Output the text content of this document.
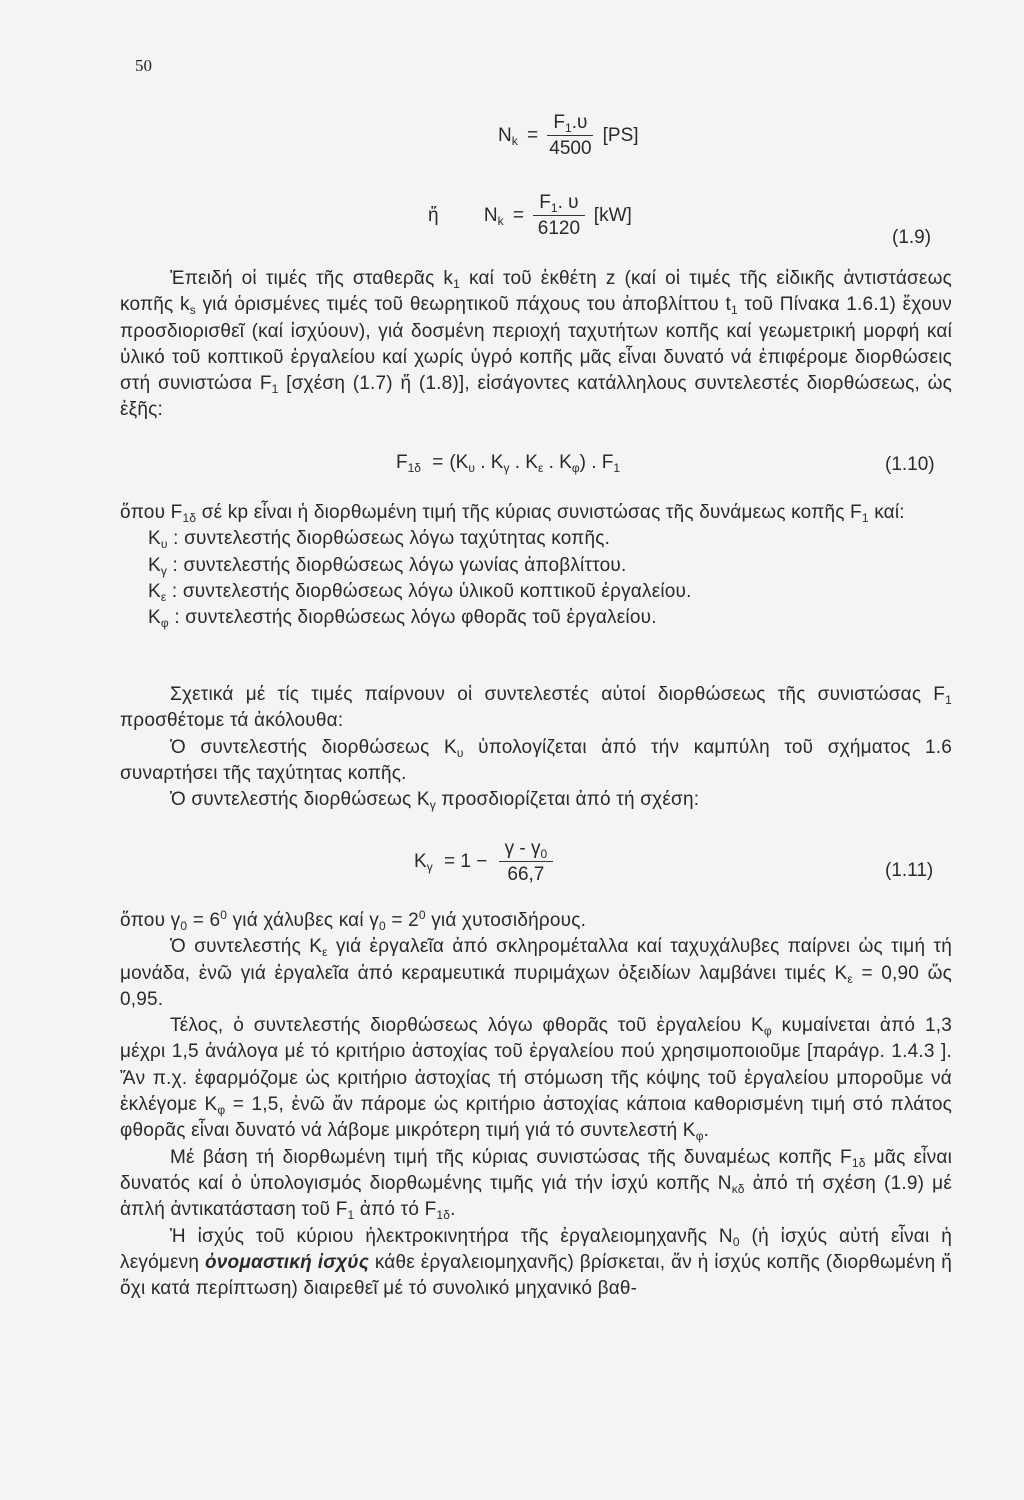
50
$N_k = \frac{F_1.\upsilon}{4500} [PS]$
ἤ $N_k = \frac{F_1. \upsilon}{6120} [kW]$
(1.9)

Ἐπειδή οἱ τιμές τῆς σταθερᾶς $k_1$ καί τοῦ ἐκθέτη z (καί οἱ τιμές τῆς εἰδικῆς ἀντιστάσεως κοπῆς $k_s$ γιά ὁρισμένες τιμές τοῦ θεωρητικοῦ πάχους του ἀποβλίττου $t_1$ τοῦ Πίνακα 1.6.1) ἔχουν προσδιορισθεῖ (καί ἰσχύουν), γιά δοσμένη περιοχή ταχυτήτων κοπῆς καί γεωμετρική μορφή καί ὑλικό τοῦ κοπτικοῦ ἐργαλείου καί χωρίς ὑγρό κοπῆς μᾶς εἶναι δυνατό νά ἐπιφέρομε διορθώσεις στή συνιστώσα $F_1$ [σχέση (1.7) ἤ (1.8)], εἰσάγοντες κατάλληλους συντελεστές διορθώσεως, ὡς ἑξῆς:

$F_{1\delta} = (K_\upsilon$ . $K_\gamma$ . $K_\varepsilon$ . $K_\varphi$) . $F_1$	(1.10)

ὅπου $F_{1\delta}$ σέ kp εἶναι ἡ διορθωμένη τιμή τῆς κύριας συνιστώσας τῆς δυνάμεως κοπῆς $F_1$ καί:

$K_\upsilon$ : συντελεστής διορθώσεως λόγω ταχύτητας κοπῆς.

$K_\gamma$ : συντελεστής διορθώσεως λόγω γωνίας ἀποβλίττου.

$K_\varepsilon$ : συντελεστής διορθώσεως λόγω ὑλικοῦ κοπτικοῦ ἐργαλείου.

$K_\varphi$ : συντελεστής διορθώσεως λόγω φθορᾶς τοῦ ἐργαλείου.

Σχετικά μέ τίς τιμές παίρνουν οἱ συντελεστές αὐτοί διορθώσεως τῆς συνιστώσας $F_1$ προσθέτομε τά ἀκόλουθα:

Ὁ συντελεστής διορθώσεως $K_\upsilon$ ὑπολογίζεται ἀπό τήν καμπύλη τοῦ σχήματος 1.6 συναρτήσει τῆς ταχύτητας κοπῆς.

Ὁ συντελεστής διορθώσεως $K_\gamma$ προσδιορίζεται ἀπό τή σχέση:

$K_\gamma = 1 - \frac{\gamma - \gamma_0}{66,7}$	(1.11)

ὅπου $\gamma_0 = 6^0$ γιά χάλυβες καί $\gamma_0 = 2^0$ γιά χυτοσιδήρους.

Ὁ συντελεστής $K_\varepsilon$ γιά ἐργαλεῖα ἀπό σκληρομέταλλα καί ταχυχάλυβες παίρνει ὡς τιμή τή μονάδα, ἐνῶ γιά ἐργαλεῖα ἀπό κεραμευτικά πυριμάχων ὀξειδίων λαμβάνει τιμές $K_\varepsilon = 0,90$ ὥς 0,95.

Τέλος, ὁ συντελεστής διορθώσεως λόγω φθορᾶς τοῦ ἐργαλείου $K_\varphi$ κυμαίνεται ἀπό 1,3 μέχρι 1,5 ἀνάλογα μέ τό κριτήριο ἀστοχίας τοῦ ἐργαλείου πού χρησιμοποιοῦμε [παράγρ. 1.4.3 ]. Ἄν π.χ. ἐφαρμόζομε ὡς κριτήριο ἀστοχίας τή στόμωση τῆς κόψης τοῦ ἐργαλείου μποροῦμε νά ἐκλέγομε $K_\varphi = 1,5$, ἐνῶ ἄν πάρομε ὡς κριτήριο ἀστοχίας κάποια καθορισμένη τιμή στό πλάτος φθορᾶς εἶναι δυνατό νά λάβομε μικρότερη τιμή γιά τό συντελεστή $K_\varphi$.

Μέ βάση τή διορθωμένη τιμή τῆς κύριας συνιστώσας τῆς δυναμέως κοπῆς $F_{1\delta}$ μᾶς εἶναι δυνατός καί ὁ ὑπολογισμός διορθωμένης τιμῆς γιά τήν ἰσχύ κοπῆς $N_{\kappa\delta}$ ἀπό τή σχέση (1.9) μέ ἁπλή ἀντικατάσταση τοῦ $F_1$ ἀπό τό $F_{1\delta}$.

Ἡ ἰσχύς τοῦ κύριου ἠλεκτροκινητήρα τῆς ἐργαλειομηχανῆς $N_0$ (ἡ ἰσχύς αὐτή εἶναι ἡ λεγόμενη ὀνομαστική ἰσχύς κάθε ἐργαλειομηχανῆς) βρίσκεται, ἄν ἡ ἰσχύς κοπῆς (διορθωμένη ἤ ὄχι κατά περίπτωση) διαιρεθεῖ μέ τό συνολικό μηχανικό βαθ-
